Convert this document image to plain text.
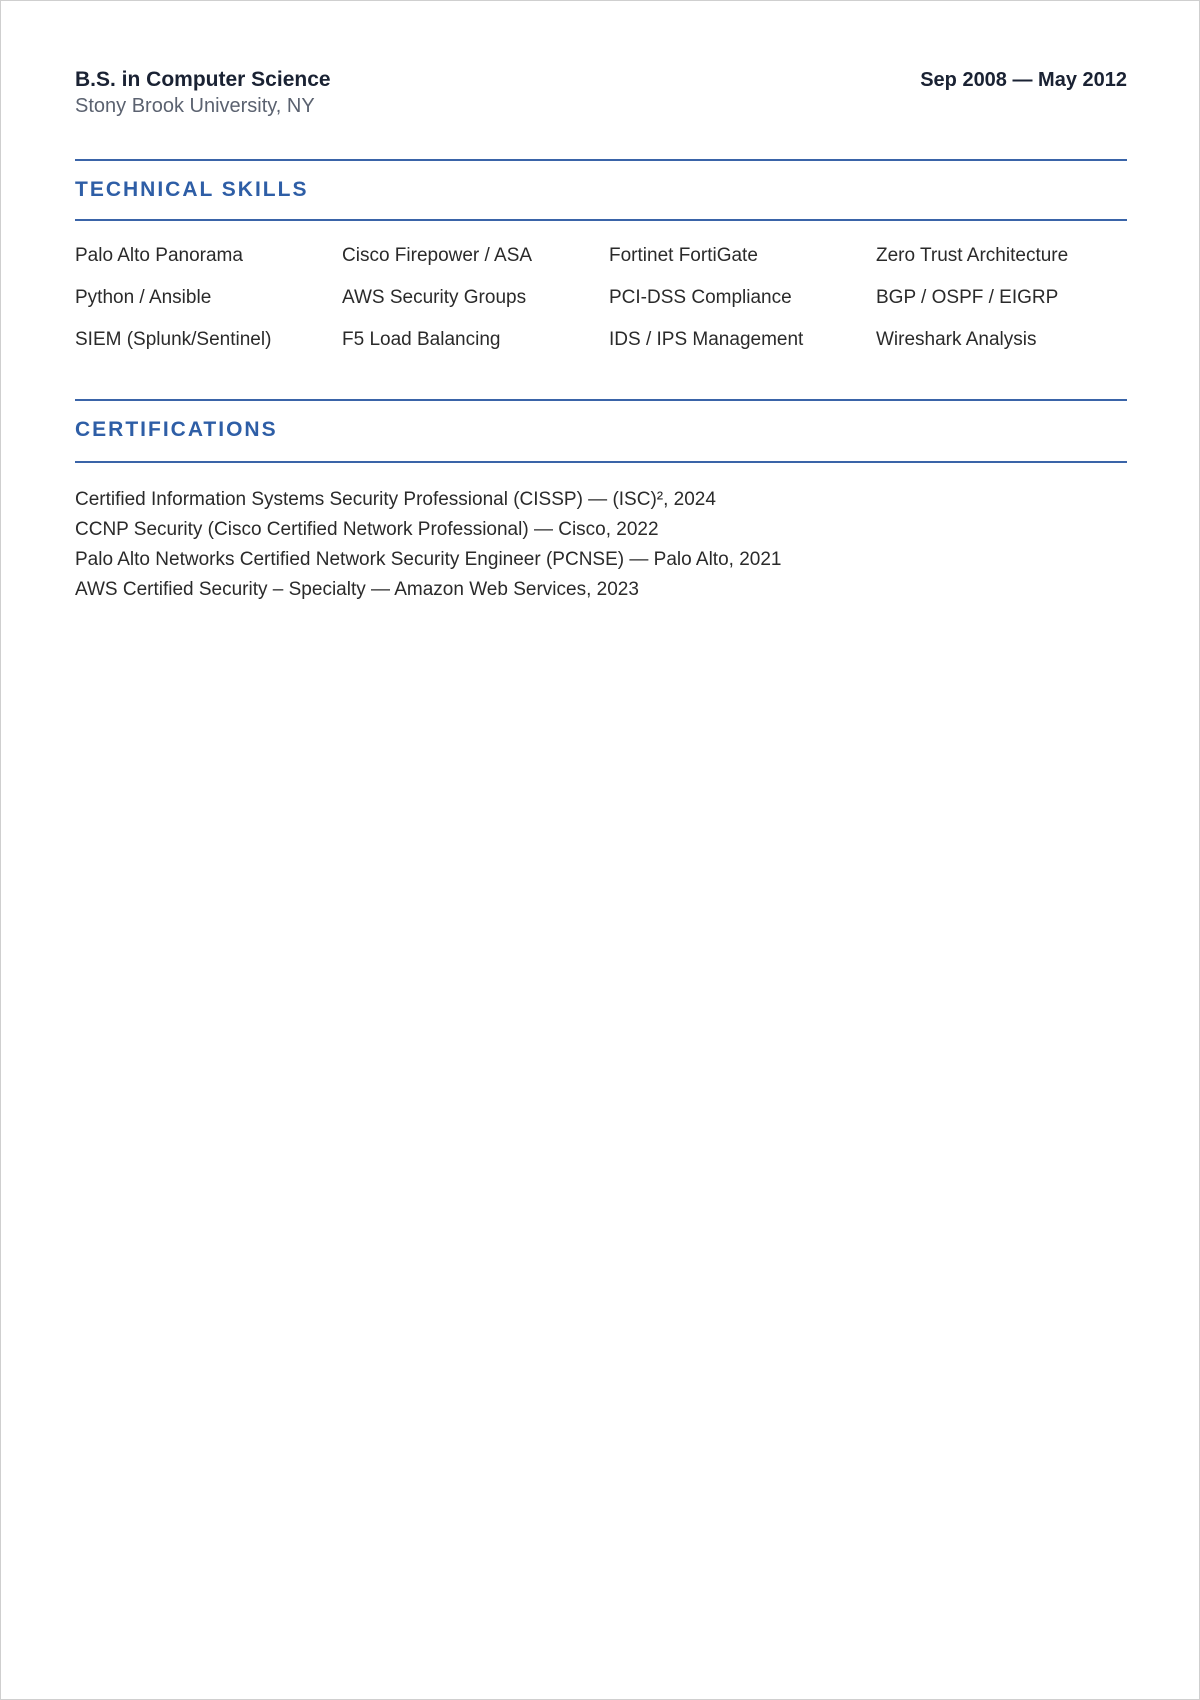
B.S. in Computer Science
Stony Brook University, NY
Sep 2008 — May 2012
TECHNICAL SKILLS
Palo Alto Panorama	Cisco Firepower / ASA	Fortinet FortiGate	Zero Trust Architecture
Python / Ansible	AWS Security Groups	PCI-DSS Compliance	BGP / OSPF / EIGRP
SIEM (Splunk/Sentinel)	F5 Load Balancing	IDS / IPS Management	Wireshark Analysis
CERTIFICATIONS
Certified Information Systems Security Professional (CISSP) — (ISC)², 2024
CCNP Security (Cisco Certified Network Professional) — Cisco, 2022
Palo Alto Networks Certified Network Security Engineer (PCNSE) — Palo Alto, 2021
AWS Certified Security – Specialty — Amazon Web Services, 2023
